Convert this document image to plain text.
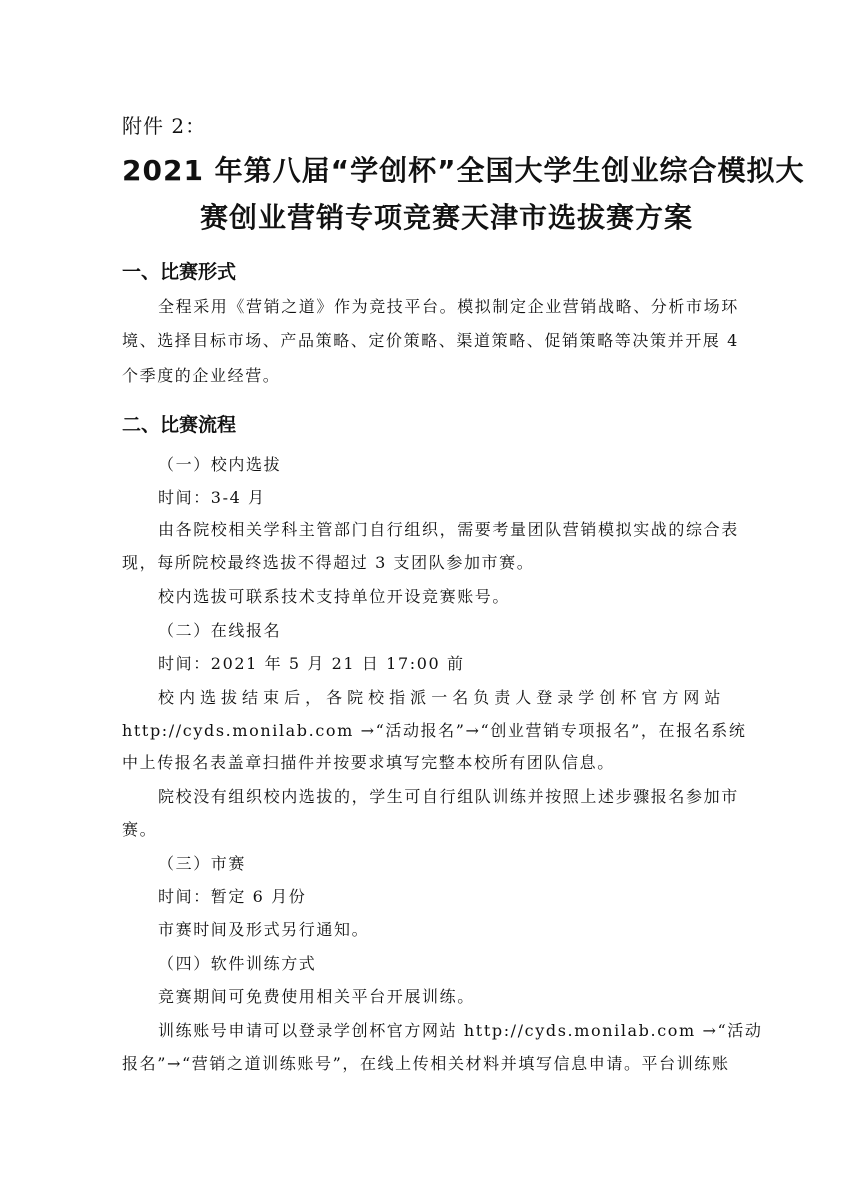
附件 2：
2021 年第八届“学创杯”全国大学生创业综合模拟大
赛创业营销专项竞赛天津市选拔赛方案
一、比赛形式
全程采用《营销之道》作为竞技平台。模拟制定企业营销战略、分析市场环
境、选择目标市场、产品策略、定价策略、渠道策略、促销策略等决策并开展 4
个季度的企业经营。
二、比赛流程
（一）校内选拔
时间：3-4 月
由各院校相关学科主管部门自行组织，需要考量团队营销模拟实战的综合表
现，每所院校最终选拔不得超过 3 支团队参加市赛。
校内选拔可联系技术支持单位开设竞赛账号。
（二）在线报名
时间：2021 年 5 月 21 日 17:00 前
校内选拔结束后，各院校指派一名负责人登录学创杯官方网站
http://cyds.monilab.com →“活动报名”→“创业营销专项报名”，在报名系统
中上传报名表盖章扫描件并按要求填写完整本校所有团队信息。
院校没有组织校内选拔的，学生可自行组队训练并按照上述步骤报名参加市
赛。
（三）市赛
时间：暂定 6 月份
市赛时间及形式另行通知。
（四）软件训练方式
竞赛期间可免费使用相关平台开展训练。
训练账号申请可以登录学创杯官方网站 http://cyds.monilab.com →“活动
报名”→“营销之道训练账号”，在线上传相关材料并填写信息申请。平台训练账
